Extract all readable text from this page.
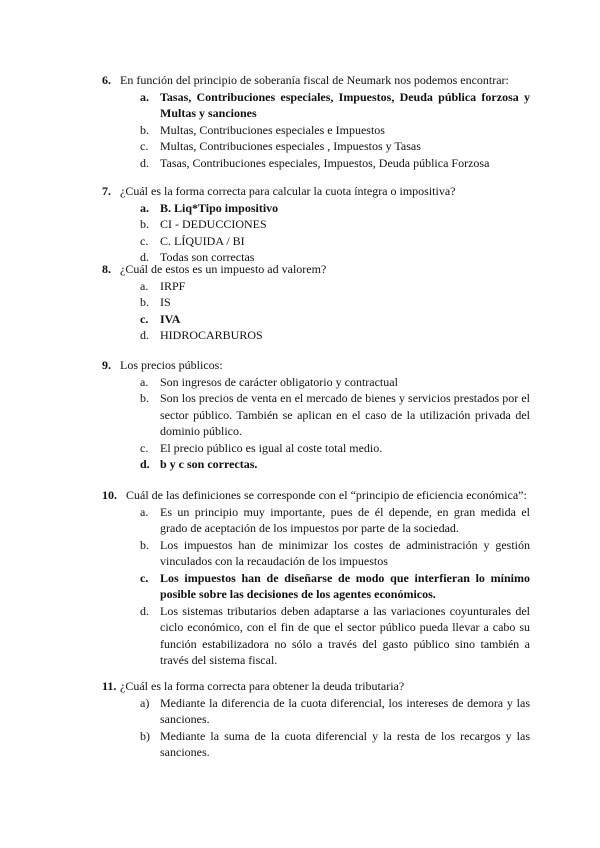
6. En función del principio de soberanía fiscal de Neumark nos podemos encontrar:
a. Tasas, Contribuciones especiales, Impuestos, Deuda pública forzosa y Multas y sanciones
b. Multas, Contribuciones especiales e Impuestos
c. Multas, Contribuciones especiales , Impuestos y Tasas
d. Tasas, Contribuciones especiales, Impuestos, Deuda pública Forzosa
7. ¿Cuál es la forma correcta para calcular la cuota íntegra o impositiva?
a. B. Liq*Tipo impositivo
b. CI - DEDUCCIONES
c. C. LÍQUIDA / BI
d. Todas son correctas
8. ¿Cuál de estos es un impuesto ad valorem?
a. IRPF
b. IS
c. IVA
d. HIDROCARBUROS
9. Los precios públicos:
a. Son ingresos de carácter obligatorio y contractual
b. Son los precios de venta en el mercado de bienes y servicios prestados por el sector público. También se aplican en el caso de la utilización privada del dominio público.
c. El precio público es igual al coste total medio.
d. b y c son correctas.
10. Cuál de las definiciones se corresponde con el “principio de eficiencia económica”:
a. Es un principio muy importante, pues de él depende, en gran medida el grado de aceptación de los impuestos por parte de la sociedad.
b. Los impuestos han de minimizar los costes de administración y gestión vinculados con la recaudación de los impuestos
c. Los impuestos han de diseñarse de modo que interfieran lo mínimo posible sobre las decisiones de los agentes económicos.
d. Los sistemas tributarios deben adaptarse a las variaciones coyunturales del ciclo económico, con el fin de que el sector público pueda llevar a cabo su función estabilizadora no sólo a través del gasto público sino también a través del sistema fiscal.
11. ¿Cuál es la forma correcta para obtener la deuda tributaria?
a) Mediante la diferencia de la cuota diferencial, los intereses de demora y las sanciones.
b) Mediante la suma de la cuota diferencial y la resta de los recargos y las sanciones.
